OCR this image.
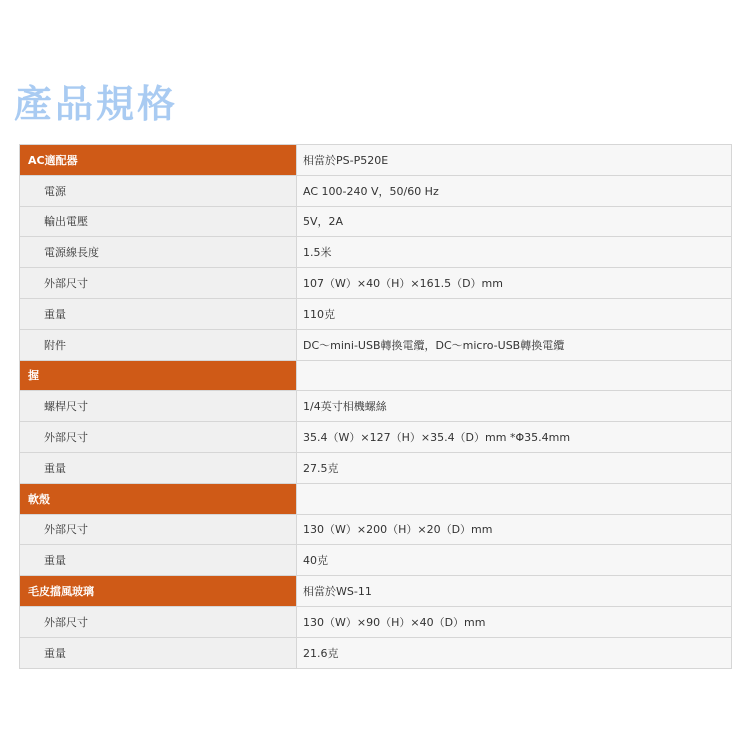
產品規格
AC適配器	相當於PS-P520E
電源	AC 100-240 V，50/60 Hz
輸出電壓	5V，2A
電源線長度	1.5米
外部尺寸	107（W）×40（H）×161.5（D）mm
重量	110克
附件	DC～mini-USB轉換電纜，DC～micro-USB轉換電纜
握	
螺桿尺寸	1/4英寸相機螺絲
外部尺寸	35.4（W）×127（H）×35.4（D）mm *Φ35.4mm
重量	27.5克
軟殼	
外部尺寸	130（W）×200（H）×20（D）mm
重量	40克
毛皮擋風玻璃	相當於WS-11
外部尺寸	130（W）×90（H）×40（D）mm
重量	21.6克
